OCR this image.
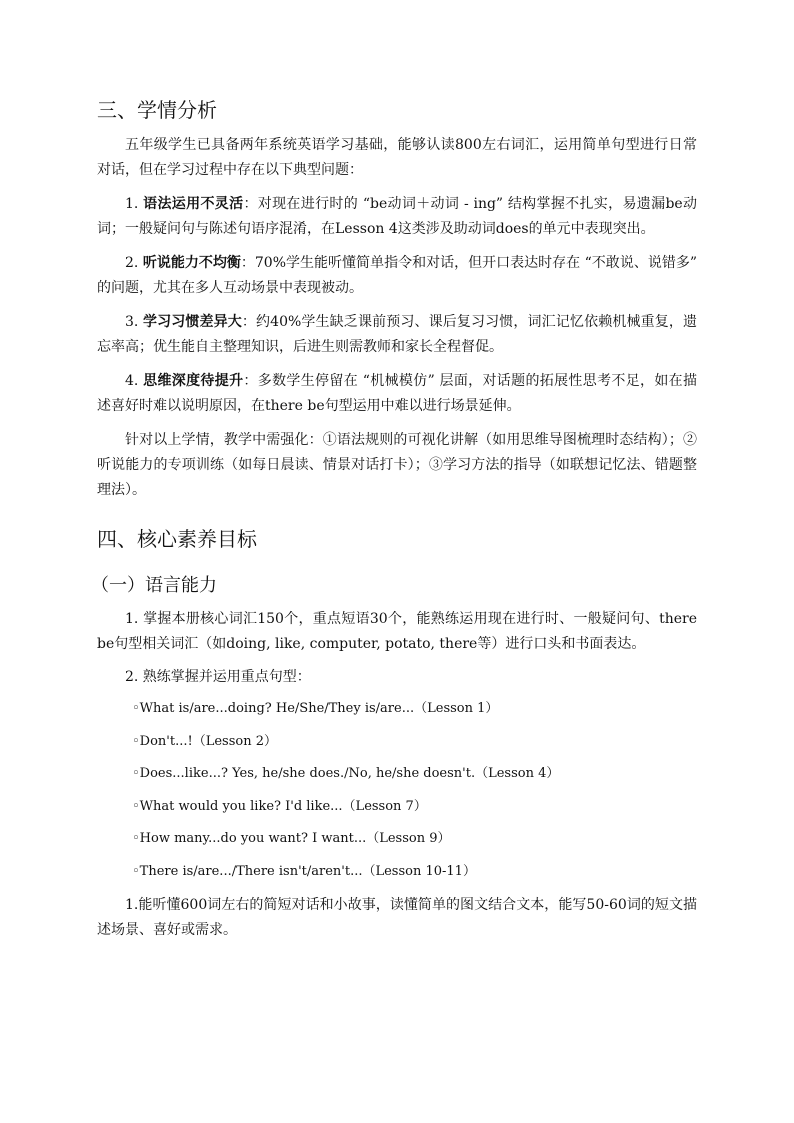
三、学情分析

五年级学生已具备两年系统英语学习基础，能够认读800左右词汇，运用简单句型进行日常对话，但在学习过程中存在以下典型问题：

1. 语法运用不灵活：对现在进行时的 “be动词＋动词 - ing” 结构掌握不扎实，易遗漏be动词；一般疑问句与陈述句语序混淆，在Lesson 4这类涉及助动词does的单元中表现突出。

2. 听说能力不均衡：70%学生能听懂简单指令和对话，但开口表达时存在 “不敢说、说错多” 的问题，尤其在多人互动场景中表现被动。

3. 学习习惯差异大：约40%学生缺乏课前预习、课后复习习惯，词汇记忆依赖机械重复，遗忘率高；优生能自主整理知识，后进生则需教师和家长全程督促。

4. 思维深度待提升：多数学生停留在 “机械模仿” 层面，对话题的拓展性思考不足，如在描述喜好时难以说明原因，在there be句型运用中难以进行场景延伸。

针对以上学情，教学中需强化：①语法规则的可视化讲解（如用思维导图梳理时态结构）；②听说能力的专项训练（如每日晨读、情景对话打卡）；③学习方法的指导（如联想记忆法、错题整理法）。

四、核心素养目标
（一）语言能力

1. 掌握本册核心词汇150个，重点短语30个，能熟练运用现在进行时、一般疑问句、there be句型相关词汇（如doing, like, computer, potato, there等）进行口头和书面表达。

2. 熟练掌握并运用重点句型：

◦What is/are...doing? He/She/They is/are...（Lesson 1）

◦Don't...!（Lesson 2）

◦Does...like...? Yes, he/she does./No, he/she doesn't.（Lesson 4）

◦What would you like? I'd like...（Lesson 7）

◦How many...do you want? I want...（Lesson 9）

◦There is/are.../There isn't/aren't...（Lesson 10-11）

1.能听懂600词左右的简短对话和小故事，读懂简单的图文结合文本，能写50-60词的短文描述场景、喜好或需求。
